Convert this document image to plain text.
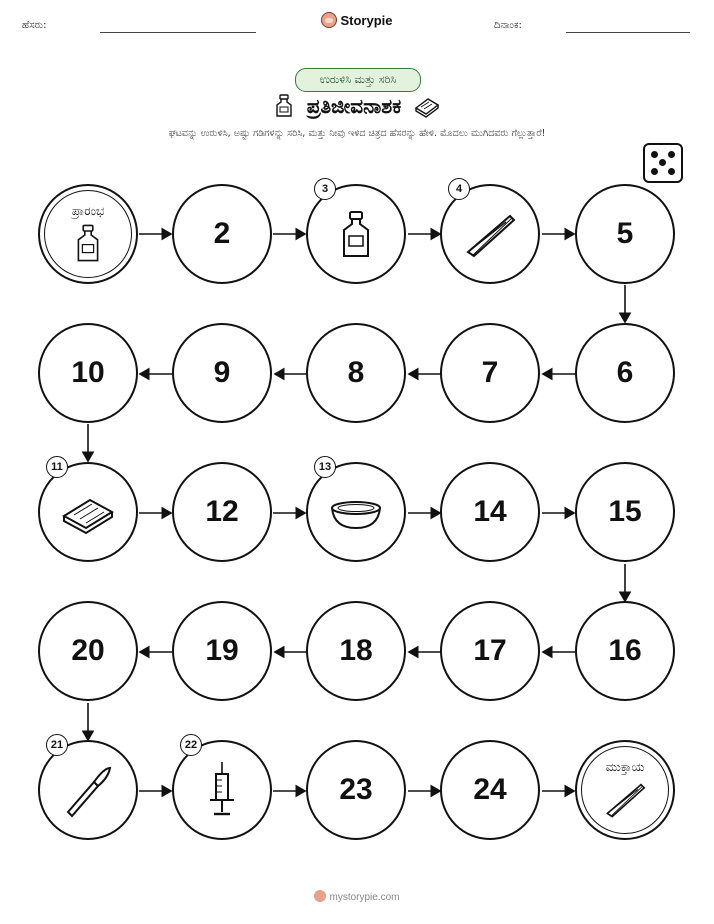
ಹೆಸರು:	Storypie	ದಿನಾಂಕ:
ಉರುಳಿಸಿ ಮತ್ತು ಸರಿಸಿ
ಪ್ರತಿಜೀವನಾಶಕ
ಘಟವನ್ನು ಉರುಳಿಸಿ, ಅಷ್ಟು ಗಡಿಗಳನ್ನು ಸರಿಸಿ, ಮತ್ತು ನೀವು ಇಳಿದ ಚಿತ್ರದ ಹೆಸರನ್ನು ಹೇಳಿ. ಮೊದಲು ಮುಗಿದವರು ಗೆಲ್ಲುತ್ತಾರೆ!
ಪ್ರಾರಂಭ
2
3	4
5
6
7
8
9
10
11
12
13
14	15
16
17
18
19
20
21	22
23	24
ಮುಕ್ತಾಯ
mystorypie.com
